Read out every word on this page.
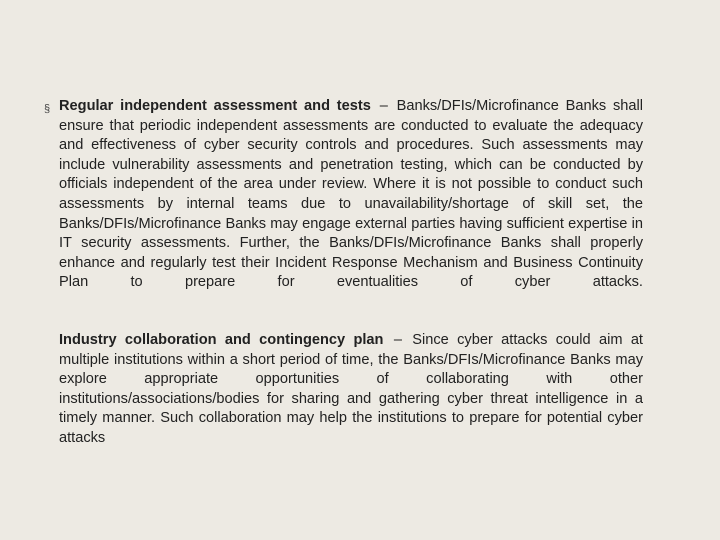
§ Regular independent assessment and tests – Banks/DFIs/Microfinance Banks shall ensure that periodic independent assessments are conducted to evaluate the adequacy and effectiveness of cyber security controls and procedures. Such assessments may include vulnerability assessments and penetration testing, which can be conducted by officials independent of the area under review. Where it is not possible to conduct such assessments by internal teams due to unavailability/shortage of skill set, the Banks/DFIs/Microfinance Banks may engage external parties having sufficient expertise in IT security assessments. Further, the Banks/DFIs/Microfinance Banks shall properly enhance and regularly test their Incident Response Mechanism and Business Continuity Plan to prepare for eventualities of cyber attacks.
Industry collaboration and contingency plan – Since cyber attacks could aim at multiple institutions within a short period of time, the Banks/DFIs/Microfinance Banks may explore appropriate opportunities of collaborating with other institutions/associations/bodies for sharing and gathering cyber threat intelligence in a timely manner. Such collaboration may help the institutions to prepare for potential cyber attacks
